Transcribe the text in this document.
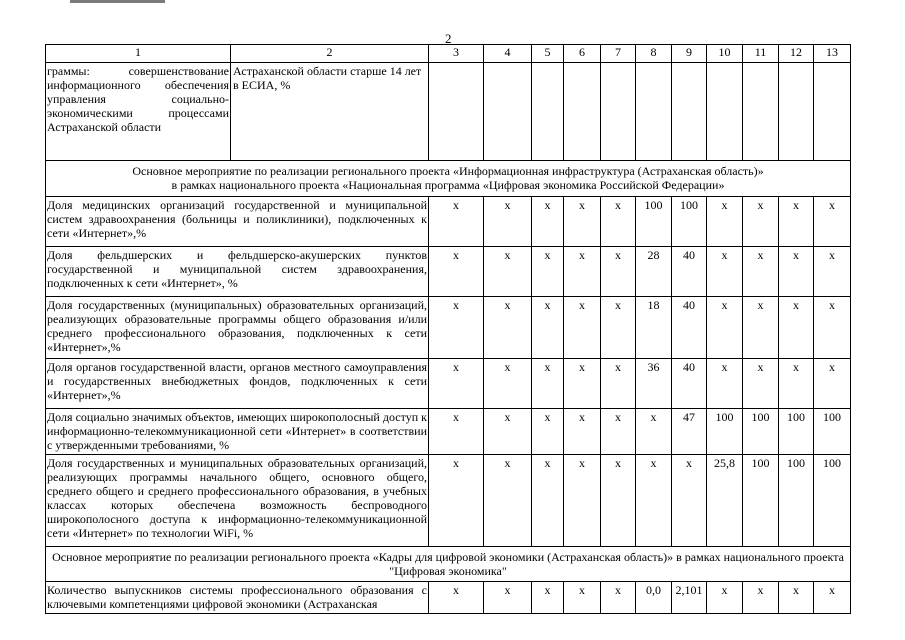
2
1	2	3	4	5	6	7	8	9	10	11	12	13
граммы: совершенствование информационного обеспечения управления социально-экономическими процессами Астраханской области	Астраханской области старше 14 лет в ЕСИА, %											

Основное мероприятие по реализации регионального проекта «Информационная инфраструктура (Астраханская область)»
в рамках национального проекта «Национальная программа «Цифровая экономика Российской Федерации»												

Доля медицинских организаций государственной и муниципальной систем здравоохранения (больницы и поликлиники), подключенных к сети «Интернет»,%		x	x	x	x	x	100	100	x	x	x	x
Доля фельдшерских и фельдшерско-акушерских пунктов государственной и муниципальной систем здравоохранения, подключенных к сети «Интернет», %		x	x	x	x	x	28	40	x	x	x	x
Доля государственных (муниципальных) образовательных организаций, реализующих образовательные программы общего образования и/или среднего профессионального образования, подключенных к сети «Интернет»,%		x	x	x	x	x	18	40	x	x	x	x
Доля органов государственной власти, органов местного самоуправления и государственных внебюджетных фондов, подключенных к сети «Интернет»,%		x	x	x	x	x	36	40	x	x	x	x
Доля социально значимых объектов, имеющих широкополосный доступ к информационно-телекоммуникационной сети «Интернет» в соответствии с утвержденными требованиями, %		x	x	x	x	x	x	47	100	100	100	100
Доля государственных и муниципальных образовательных организаций, реализующих программы начального общего, основного общего, среднего общего и среднего профессионального образования, в учебных классах которых обеспечена возможность беспроводного широкополосного доступа к информационно-телекоммуникационной сети «Интернет» по технологии WiFi, %		x	x	x	x	x	x	x	25,8	100	100	100
Основное мероприятие по реализации регионального проекта «Кадры для цифровой экономики (Астраханская область)» в рамках национального проекта "Цифровая экономика"												
Количество выпускников системы профессионального образования с ключевыми компетенциями цифровой экономики (Астраханская		x	x	x	x	x	0,0	2,101	x	x	x	x
